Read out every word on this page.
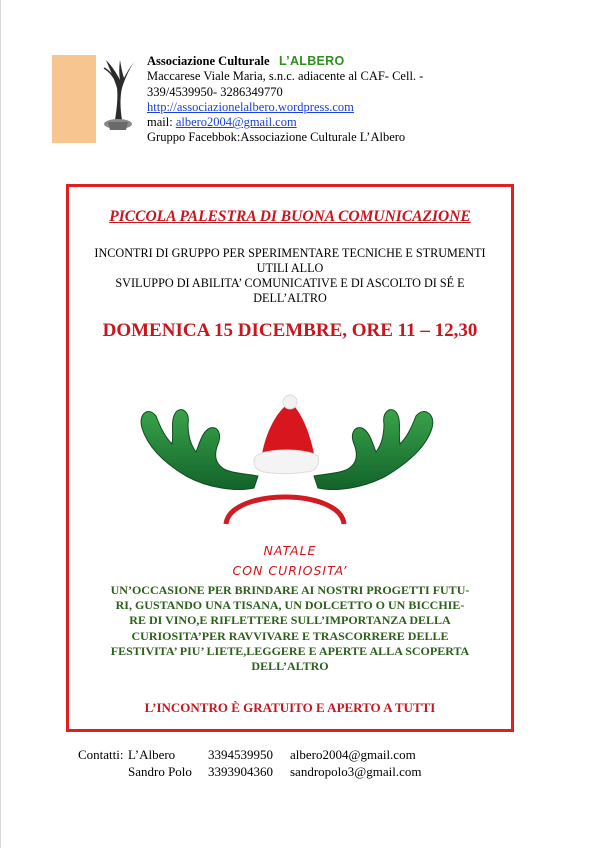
Associazione Culturale L’ALBERO
Maccarese Viale Maria, s.n.c. adiacente al CAF- Cell. -
339/4539950- 3286349770
http://associazionelalbero.wordpress.com
mail: albero2004@gmail.com
Gruppo Facebbok:Associazione Culturale L’Albero
PICCOLA PALESTRA DI BUONA COMUNICAZIONE
INCONTRI DI GRUPPO PER SPERIMENTARE TECNICHE E STRUMENTI
UTILI ALLO
SVILUPPO DI ABILITA’ COMUNICATIVE E DI ASCOLTO DI SÉ E
DELL’ALTRO
DOMENICA 15 DICEMBRE, ORE 11 – 12,30
NATALE
CON CURIOSITA’
UN’OCCASIONE PER BRINDARE AI NOSTRI PROGETTI FUTU-
RI, GUSTANDO UNA TISANA, UN DOLCETTO O UN BICCHIE-
RE DI VINO,E RIFLETTERE SULL’IMPORTANZA DELLA
CURIOSITA’PER RAVVIVARE E TRASCORRERE DELLE
FESTIVITA’ PIU’ LIETE,LEGGERE E APERTE ALLA SCOPERTA
DELL’ALTRO
L’INCONTRO È GRATUITO E APERTO A TUTTI
Contatti: L’Albero	3394539950	albero2004@gmail.com
Sandro Polo	3393904360	sandropolo3@gmail.com
